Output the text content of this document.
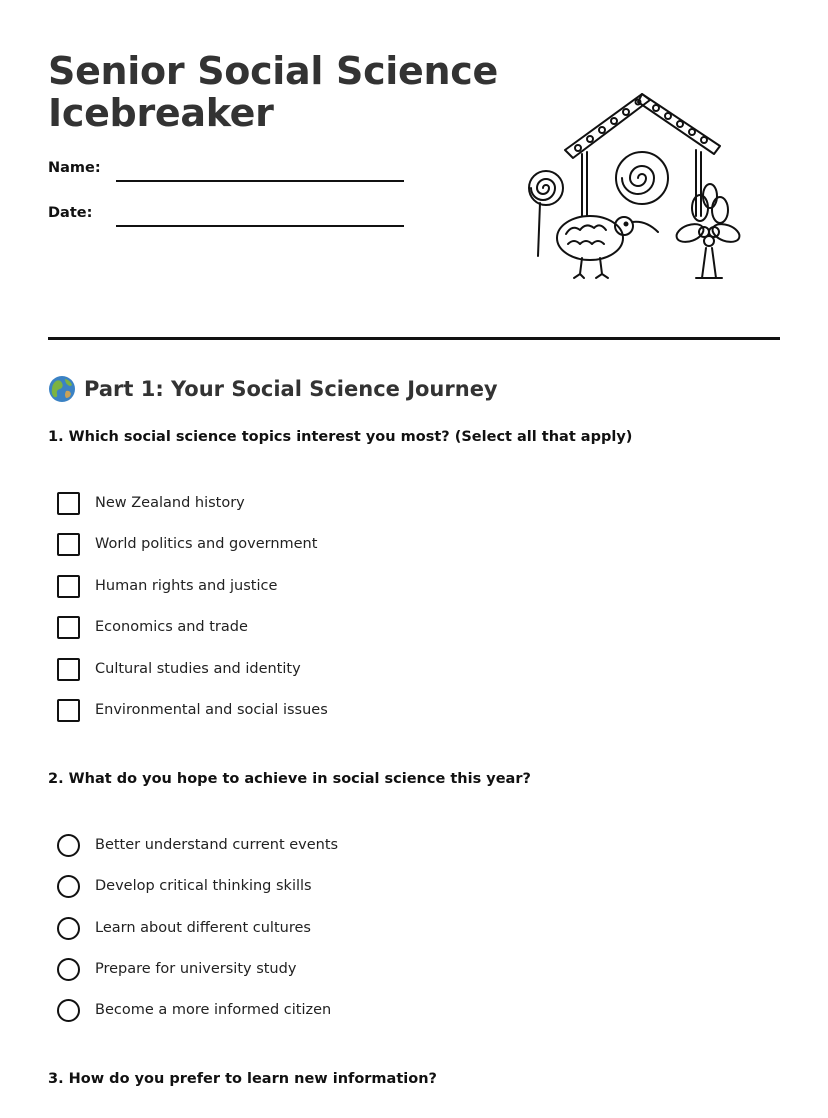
Senior Social Science
Icebreaker
Name:
Date:
Part 1: Your Social Science Journey
1. Which social science topics interest you most? (Select all that apply)
New Zealand history
World politics and government
Human rights and justice
Economics and trade
Cultural studies and identity
Environmental and social issues
2. What do you hope to achieve in social science this year?
Better understand current events
Develop critical thinking skills
Learn about different cultures
Prepare for university study
Become a more informed citizen
3. How do you prefer to learn new information?
